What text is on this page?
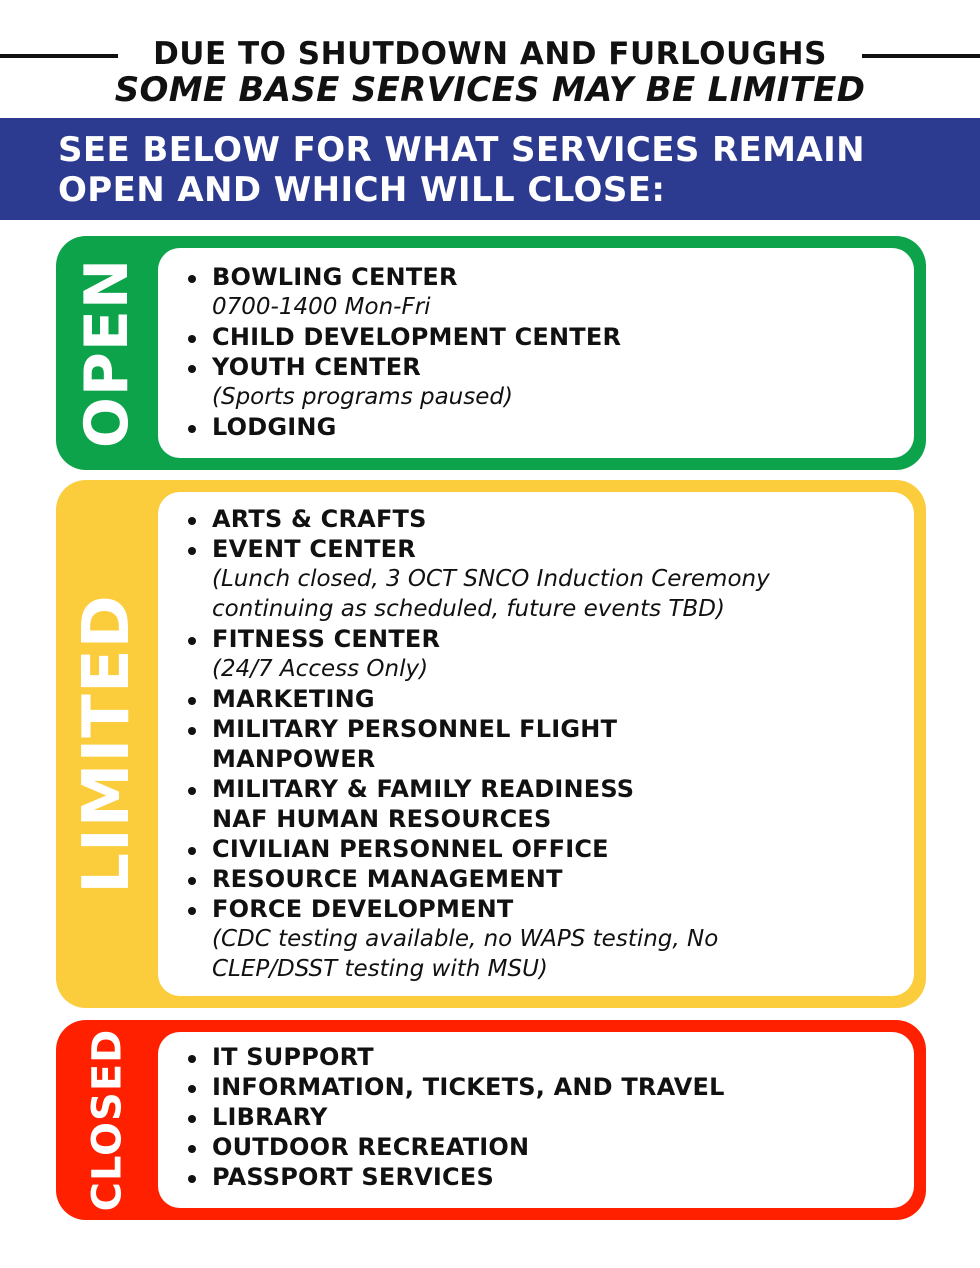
DUE TO SHUTDOWN AND FURLOUGHS
SOME BASE SERVICES MAY BE LIMITED
SEE BELOW FOR WHAT SERVICES REMAIN
OPEN AND WHICH WILL CLOSE:
OPEN	BOWLING CENTER
0700-1400 Mon-Fri
CHILD DEVELOPMENT CENTER
YOUTH CENTER
(Sports programs paused)
LODGING
LIMITED
ARTS & CRAFTS
EVENT CENTER
(Lunch closed, 3 OCT SNCO Induction Ceremony
continuing as scheduled, future events TBD)
FITNESS CENTER
(24/7 Access Only)
MARKETING
MILITARY PERSONNEL FLIGHT
MANPOWER
MILITARY & FAMILY READINESS
NAF HUMAN RESOURCES
CIVILIAN PERSONNEL OFFICE
RESOURCE MANAGEMENT
FORCE DEVELOPMENT
(CDC testing available, no WAPS testing, No
CLEP/DSST testing with MSU)
CLOSED	IT SUPPORT
INFORMATION, TICKETS, AND TRAVEL
LIBRARY
OUTDOOR RECREATION
PASSPORT SERVICES
